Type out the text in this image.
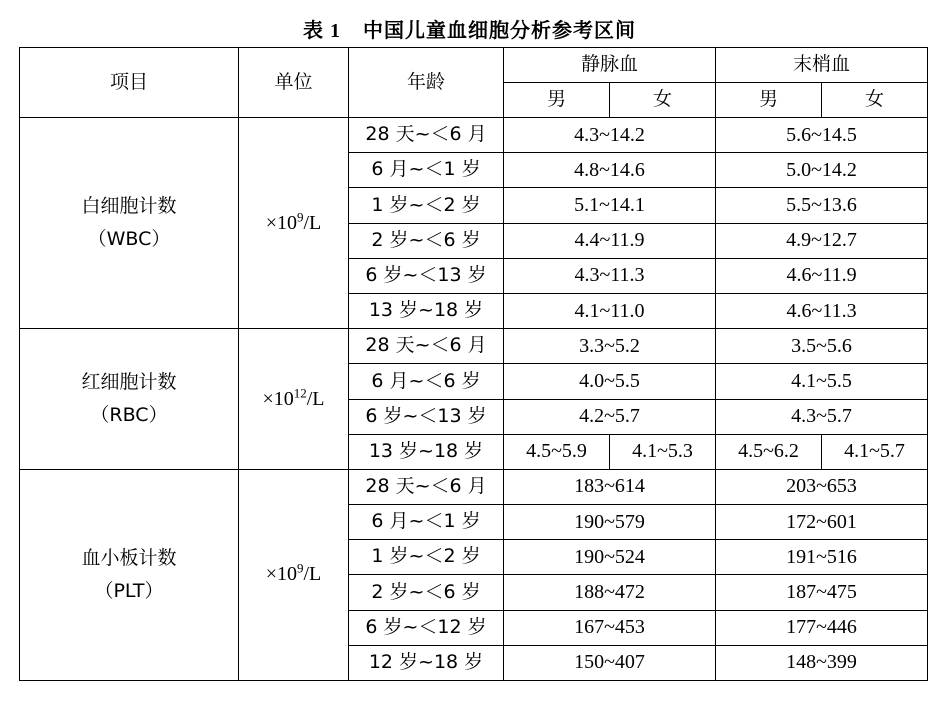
表 1 中国儿童血细胞分析参考区间
项目	单位	年龄	静脉血		末梢血	
			男	女	男	女

白细胞计数
（WBC）	$\times 10^9/L$	28 天~＜6 月	4.3~14.2		5.6~14.5	
		6 月~＜1 岁	4.8~14.6		5.0~14.2	
		1 岁~＜2 岁	5.1~14.1		5.5~13.6	
		2 岁~＜6 岁	4.4~11.9		4.9~12.7	
		6 岁~＜13 岁	4.3~11.3		4.6~11.9	
		13 岁~18 岁	4.1~11.0		4.6~11.3	

红细胞计数
（RBC）	$\times 10^{12}/L$	28 天~＜6 月	3.3~5.2		3.5~5.6	
		6 月~＜6 岁	4.0~5.5		4.1~5.5	
		6 岁~＜13 岁	4.2~5.7		4.3~5.7	
		13 岁~18 岁	4.5~5.9	4.1~5.3	4.5~6.2	4.1~5.7

血小板计数
（PLT）	$\times 10^9/L$	28 天~＜6 月	183~614		203~653	
		6 月~＜1 岁	190~579		172~601	
		1 岁~＜2 岁	190~524		191~516	
		2 岁~＜6 岁	188~472		187~475	
		6 岁~＜12 岁	167~453		177~446	
		12 岁~18 岁	150~407		148~399	
